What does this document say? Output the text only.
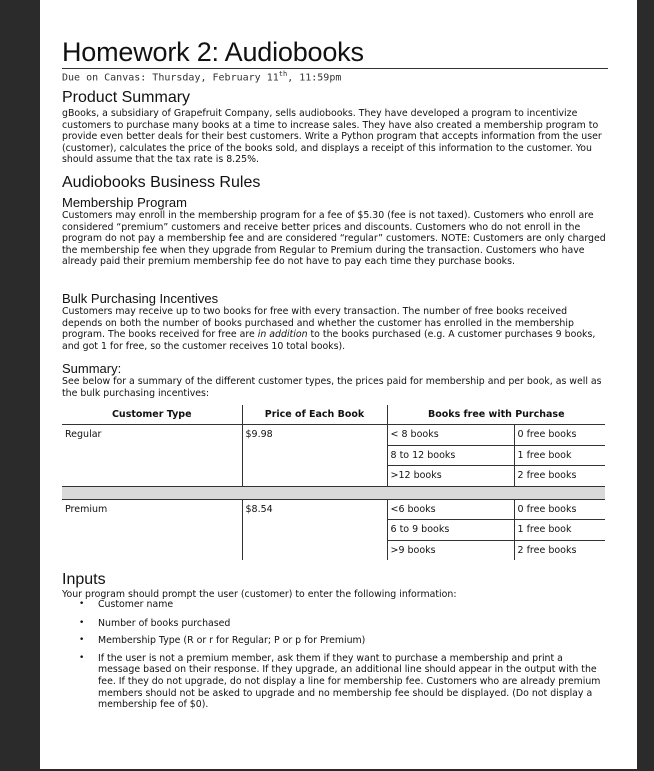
Homework 2: Audiobooks
Due on Canvas: Thursday, February 11th, 11:59pm
Product Summary
gBooks, a subsidiary of Grapefruit Company, sells audiobooks. They have developed a program to incentivize customers to purchase many books at a time to increase sales. They have also created a membership program to provide even better deals for their best customers. Write a Python program that accepts information from the user (customer), calculates the price of the books sold, and displays a receipt of this information to the customer. You should assume that the tax rate is 8.25%.
Audiobooks Business Rules
Membership Program
Customers may enroll in the membership program for a fee of $5.30 (fee is not taxed). Customers who enroll are considered “premium” customers and receive better prices and discounts. Customers who do not enroll in the program do not pay a membership fee and are considered “regular” customers. NOTE: Customers are only charged the membership fee when they upgrade from Regular to Premium during the transaction. Customers who have already paid their premium membership fee do not have to pay each time they purchase books.
Bulk Purchasing Incentives
Customers may receive up to two books for free with every transaction. The number of free books received depends on both the number of books purchased and whether the customer has enrolled in the membership program. The books received for free are in addition to the books purchased (e.g. A customer purchases 9 books, and got 1 for free, so the customer receives 10 total books).
Summary:
See below for a summary of the different customer types, the prices paid for membership and per book, as well as the bulk purchasing incentives:
Customer Type	Price of Each Book	Books free with Purchase
Regular	$9.98		< 8 books	0 free books
8 to 12 books	1 free book
>12 books	2 free books

Premium	$8.54		<6 books	0 free books
6 to 9 books	1 free book
>9 books	2 free books
Inputs
Your program should prompt the user (customer) to enter the following information:
• Customer name
• Number of books purchased
• Membership Type (R or r for Regular; P or p for Premium)
• If the user is not a premium member, ask them if they want to purchase a membership and print a message based on their response. If they upgrade, an additional line should appear in the output with the fee. If they do not upgrade, do not display a line for membership fee. Customers who are already premium members should not be asked to upgrade and no membership fee should be displayed. (Do not display a membership fee of $0).
